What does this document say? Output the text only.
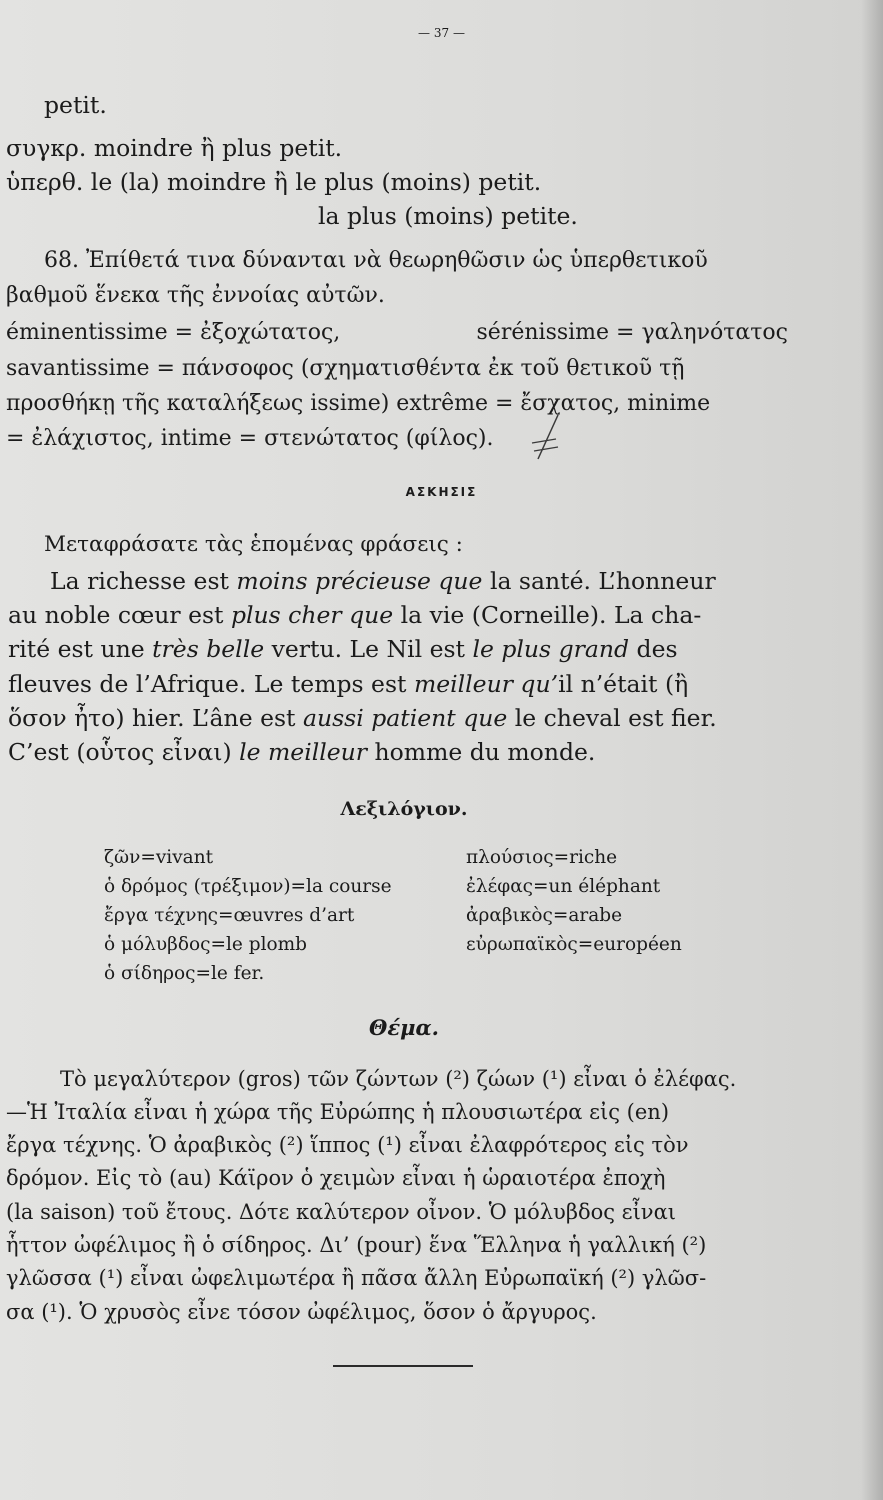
— 37 —
petit.
συγκρ. moindre ἢ plus petit.
ὑπερθ. le (la) moindre ἢ le plus (moins) petit.
la plus (moins) petite.
68. Ἐπίθετά τινα δύνανται νὰ θεωρηθῶσιν ὡς ὑπερθετικοῦ
βαθμοῦ ἕνεκα τῆς ἐννοίας αὐτῶν.
éminentissime = ἐξοχώτατος,	sérénissime = γαληνότατος
savantissime = πάνσοφος (σχηματισθέντα ἐκ τοῦ θετικοῦ τῇ
προσθήκῃ τῆς καταλήξεως issime) extrême = ἔσχατος, minime
= ἐλάχιστος, intime = στενώτατος (φίλος).
ΑΣΚΗΣΙΣ
Μεταφράσατε τὰς ἑπομένας φράσεις :
La richesse est moins précieuse que la santé. L’honneur
au noble cœur est plus cher que la vie (Corneille). La cha-
rité est une très belle vertu. Le Nil est le plus grand des
fleuves de l’Afrique. Le temps est meilleur qu’il n’était (ἢ
ὅσον ἦτο) hier. L’âne est aussi patient que le cheval est fier.
C’est (οὗτος εἶναι) le meilleur homme du monde.
Λεξιλόγιον.
ζῶν=vivant
ὁ δρόμος (τρέξιμον)=la course
ἔργα τέχνης=œuvres d’art
ὁ μόλυβδος=le plomb
ὁ σίδηρος=le fer.
πλούσιος=riche
ἐλέφας=un éléphant
ἀραβικὸς=arabe
εὐρωπαϊκὸς=européen
Θέμα.
Τὸ μεγαλύτερον (gros) τῶν ζώντων (²) ζώων (¹) εἶναι ὁ ἐλέφας.
—Ἡ Ἰταλία εἶναι ἡ χώρα τῆς Εὐρώπης ἡ πλουσιωτέρα εἰς (en)
ἔργα τέχνης. Ὁ ἀραβικὸς (²) ἵππος (¹) εἶναι ἐλαφρότερος εἰς τὸν
δρόμον. Εἰς τὸ (au) Κάϊρον ὁ χειμὼν εἶναι ἡ ὡραιοτέρα ἐποχὴ
(la saison) τοῦ ἔτους. Δότε καλύτερον οἶνον. Ὁ μόλυβδος εἶναι
ἧττον ὠφέλιμος ἢ ὁ σίδηρος. Δι’ (pour) ἕνα Ἕλληνα ἡ γαλλική (²)
γλῶσσα (¹) εἶναι ὠφελιμωτέρα ἢ πᾶσα ἄλλη Εὐρωπαϊκή (²) γλῶσ-
σα (¹). Ὁ χρυσὸς εἶνε τόσον ὠφέλιμος, ὅσον ὁ ἄργυρος.
